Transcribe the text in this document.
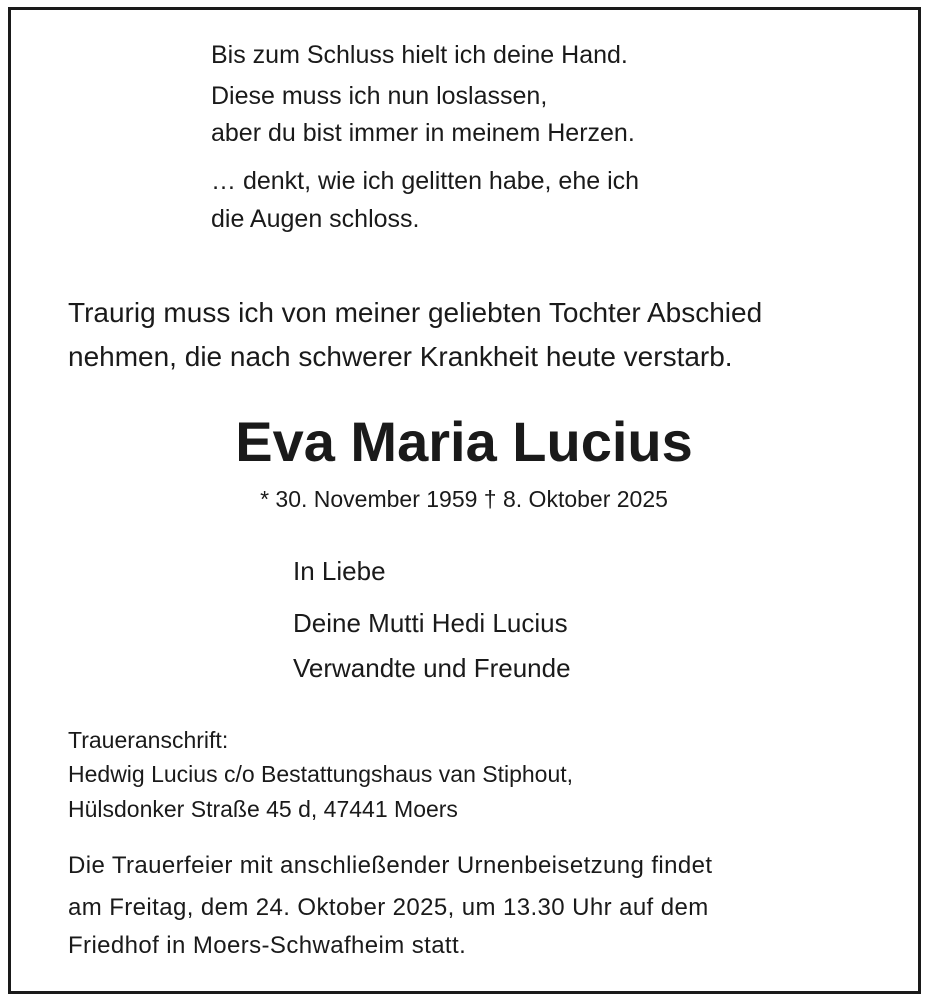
Bis zum Schluss hielt ich deine Hand.

Diese muss ich nun loslassen,

aber du bist immer in meinem Herzen.

… denkt, wie ich gelitten habe, ehe ich

die Augen schloss.

Traurig muss ich von meiner geliebten Tochter Abschied

nehmen, die nach schwerer Krankheit heute verstarb.

Eva Maria Lucius

* 30. November 1959 † 8. Oktober 2025

In Liebe

Deine Mutti Hedi Lucius

Verwandte und Freunde

Traueranschrift:

Hedwig Lucius c/o Bestattungshaus van Stiphout,

Hülsdonker Straße 45 d, 47441 Moers

Die Trauerfeier mit anschließender Urnenbeisetzung findet

am Freitag, dem 24. Oktober 2025, um 13.30 Uhr auf dem

Friedhof in Moers-Schwafheim statt.
